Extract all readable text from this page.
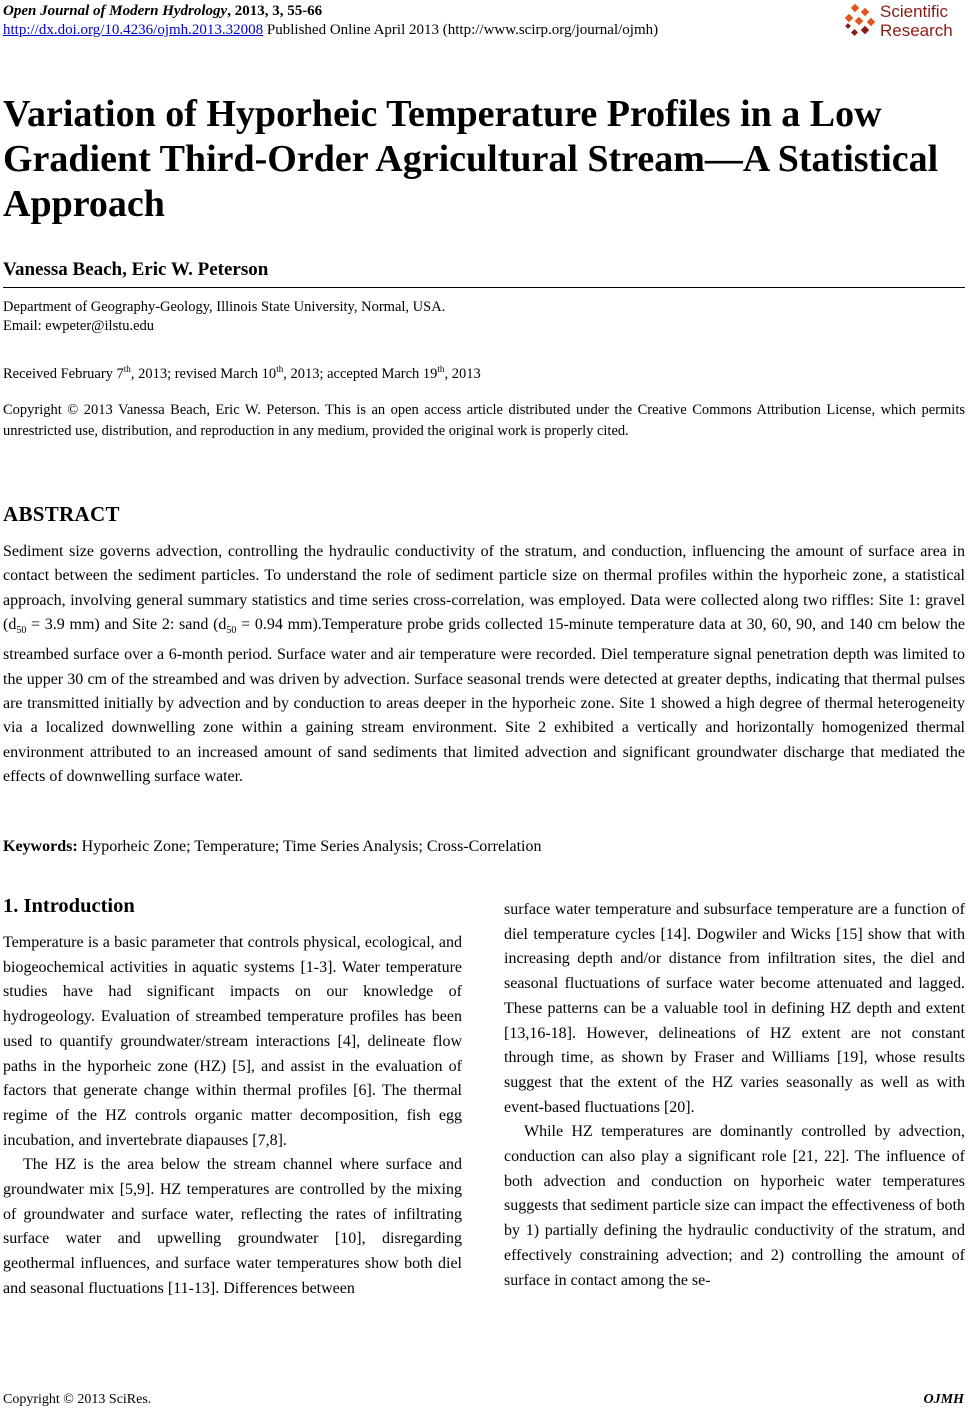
Open Journal of Modern Hydrology, 2013, 3, 55-66
http://dx.doi.org/10.4236/ojmh.2013.32008 Published Online April 2013 (http://www.scirp.org/journal/ojmh)
Scientific
Research
Variation of Hyporheic Temperature Profiles in a Low Gradient Third-Order Agricultural Stream—A Statistical Approach
Vanessa Beach, Eric W. Peterson
Department of Geography-Geology, Illinois State University, Normal, USA.
Email: ewpeter@ilstu.edu
Received February 7th, 2013; revised March 10th, 2013; accepted March 19th, 2013
Copyright © 2013 Vanessa Beach, Eric W. Peterson. This is an open access article distributed under the Creative Commons Attribution License, which permits unrestricted use, distribution, and reproduction in any medium, provided the original work is properly cited.
ABSTRACT
Sediment size governs advection, controlling the hydraulic conductivity of the stratum, and conduction, influencing the amount of surface area in contact between the sediment particles. To understand the role of sediment particle size on thermal profiles within the hyporheic zone, a statistical approach, involving general summary statistics and time series cross-correlation, was employed. Data were collected along two riffles: Site 1: gravel ($d_{50} = 3.9$ mm) and Site 2: sand ($d_{50} = 0.94$ mm).Temperature probe grids collected 15-minute temperature data at 30, 60, 90, and 140 cm below the streambed surface over a 6-month period. Surface water and air temperature were recorded. Diel temperature signal penetration depth was limited to the upper 30 cm of the streambed and was driven by advection. Surface seasonal trends were detected at greater depths, indicating that thermal pulses are transmitted initially by advection and by conduction to areas deeper in the hyporheic zone. Site 1 showed a high degree of thermal heterogeneity via a localized downwelling zone within a gaining stream environment. Site 2 exhibited a vertically and horizontally homogenized thermal environment attributed to an increased amount of sand sediments that limited advection and significant groundwater discharge that mediated the effects of downwelling surface water.
Keywords: Hyporheic Zone; Temperature; Time Series Analysis; Cross-Correlation
1. Introduction

Temperature is a basic parameter that controls physical, ecological, and biogeochemical activities in aquatic systems [1-3]. Water temperature studies have had significant impacts on our knowledge of hydrogeology. Evaluation of streambed temperature profiles has been used to quantify groundwater/stream interactions [4], delineate flow paths in the hyporheic zone (HZ) [5], and assist in the evaluation of factors that generate change within thermal profiles [6]. The thermal regime of the HZ controls organic matter decomposition, fish egg incubation, and invertebrate diapauses [7,8].

The HZ is the area below the stream channel where surface and groundwater mix [5,9]. HZ temperatures are controlled by the mixing of groundwater and surface water, reflecting the rates of infiltrating surface water and upwelling groundwater [10], disregarding geothermal influences, and surface water temperatures show both diel and seasonal fluctuations [11-13]. Differences between

surface water temperature and subsurface temperature are a function of diel temperature cycles [14]. Dogwiler and Wicks [15] show that with increasing depth and/or distance from infiltration sites, the diel and seasonal fluctuations of surface water become attenuated and lagged. These patterns can be a valuable tool in defining HZ depth and extent [13,16-18]. However, delineations of HZ extent are not constant through time, as shown by Fraser and Williams [19], whose results suggest that the extent of the HZ varies seasonally as well as with event-based fluctuations [20].

While HZ temperatures are dominantly controlled by advection, conduction can also play a significant role [21, 22]. The influence of both advection and conduction on hyporheic water temperatures suggests that sediment particle size can impact the effectiveness of both by 1) partially defining the hydraulic conductivity of the stratum, and effectively constraining advection; and 2) controlling the amount of surface in contact among the se-

Copyright © 2013 SciRes.	OJMH
